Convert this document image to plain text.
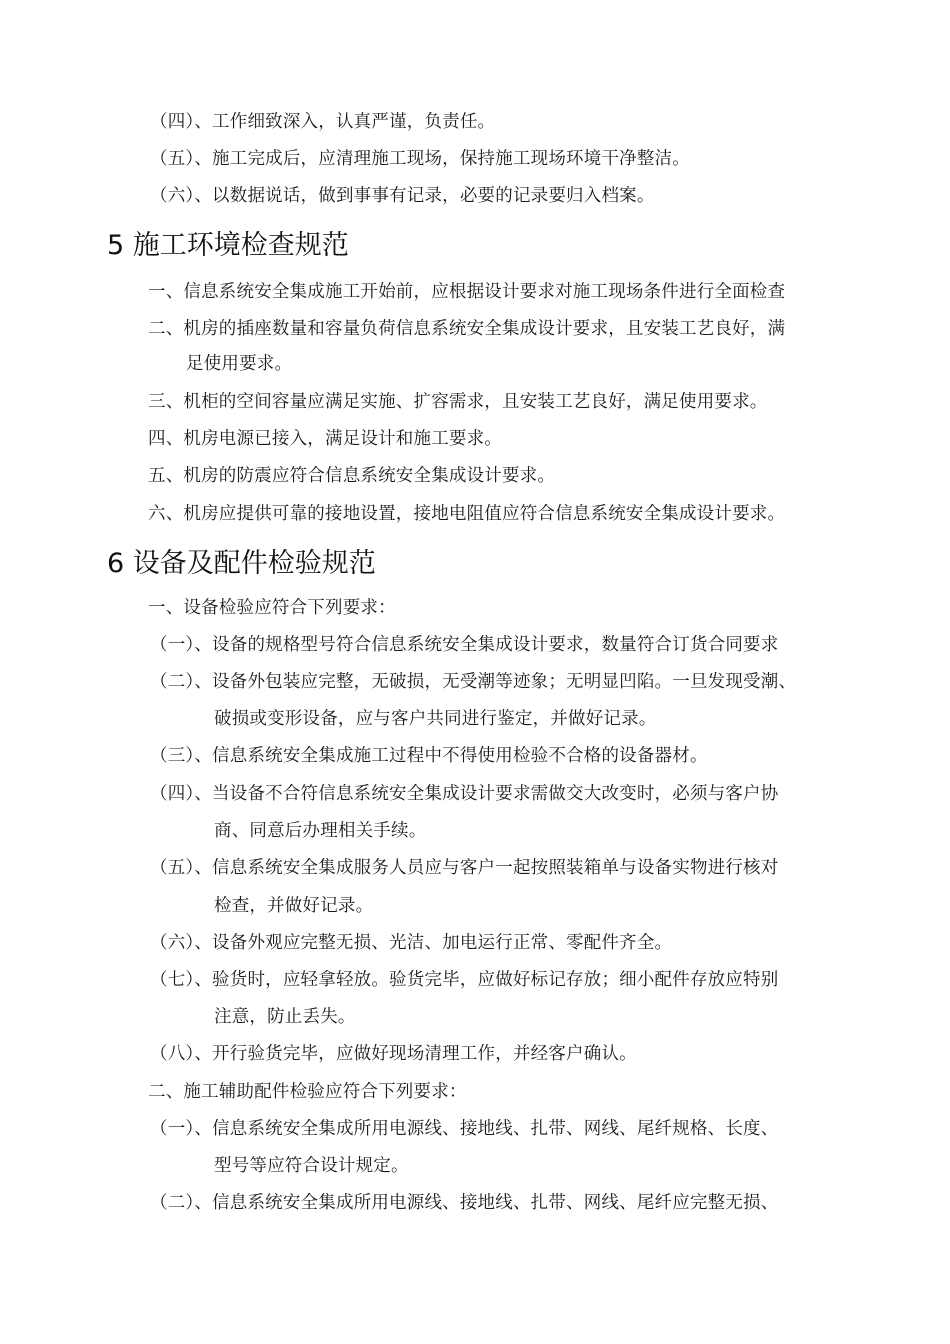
（四）、工作细致深入，认真严谨，负责任。
（五）、施工完成后，应清理施工现场，保持施工现场环境干净整洁。
（六）、以数据说话，做到事事有记录，必要的记录要归入档案。
5 施工环境检查规范
一、信息系统安全集成施工开始前，应根据设计要求对施工现场条件进行全面检查
二、机房的插座数量和容量负荷信息系统安全集成设计要求，且安装工艺良好，满
足使用要求。
三、机柜的空间容量应满足实施、扩容需求，且安装工艺良好，满足使用要求。
四、机房电源已接入，满足设计和施工要求。
五、机房的防震应符合信息系统安全集成设计要求。
六、机房应提供可靠的接地设置，接地电阻值应符合信息系统安全集成设计要求。
6 设备及配件检验规范
一、设备检验应符合下列要求：
（一）、设备的规格型号符合信息系统安全集成设计要求，数量符合订货合同要求
（二）、设备外包装应完整，无破损，无受潮等迹象；无明显凹陷。一旦发现受潮、
破损或变形设备，应与客户共同进行鉴定，并做好记录。
（三）、信息系统安全集成施工过程中不得使用检验不合格的设备器材。
（四）、当设备不合符信息系统安全集成设计要求需做交大改变时，必须与客户协
商、同意后办理相关手续。
（五）、信息系统安全集成服务人员应与客户一起按照装箱单与设备实物进行核对
检查，并做好记录。
（六）、设备外观应完整无损、光洁、加电运行正常、零配件齐全。
（七）、验货时，应轻拿轻放。验货完毕，应做好标记存放；细小配件存放应特别
注意，防止丢失。
（八）、开行验货完毕，应做好现场清理工作，并经客户确认。
二、施工辅助配件检验应符合下列要求：
（一）、信息系统安全集成所用电源线、接地线、扎带、网线、尾纤规格、长度、
型号等应符合设计规定。
（二）、信息系统安全集成所用电源线、接地线、扎带、网线、尾纤应完整无损、
